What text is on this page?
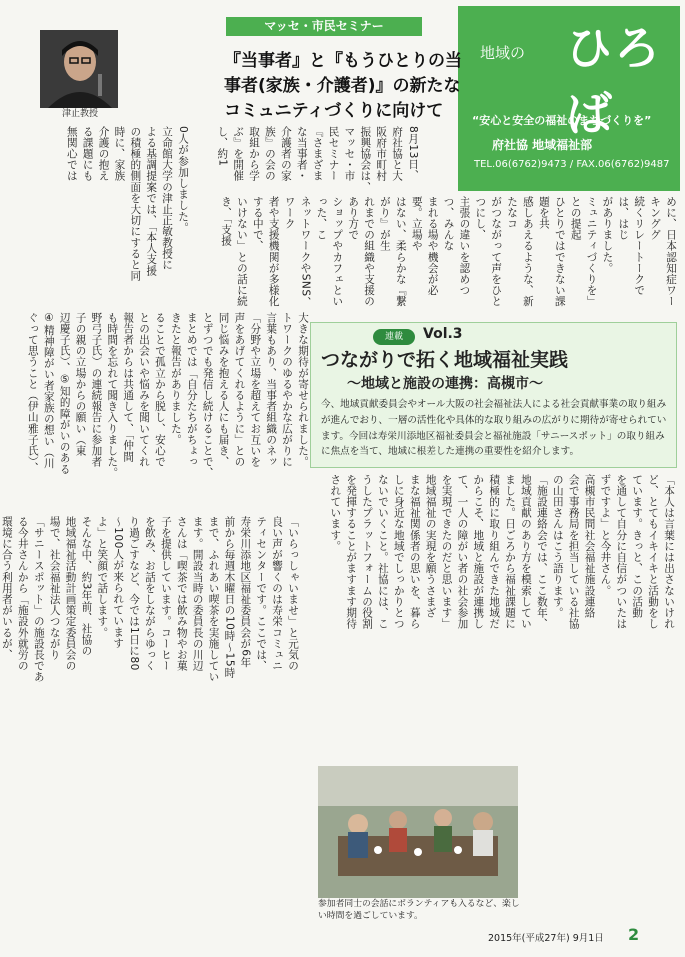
地域の ひろば
“安心と安全の福祉のまちづくりを”
府社協 地域福祉部
TEL.06(6762)9473 / FAX.06(6762)9487
マッセ・市民セミナー
『当事者』と『もうひとりの当
事者(家族・介護者)』の新たな
コミュニティづくりに向けて
津止教授
8月13日、
府社協と大
阪府市町村
振興協会は、
マッセ・市
民セミナー
『さまざま
な当事者・
介護者の家
族』の会の
取組から学
ぶ』を開催
し、約1
0人が参加しました。
立命館大学の津止正敏教授に
よる基調提案では、「本人支援
の積極的側面を大切にすると同
時に、家族
介護の抱え
る課題にも
無関心では
大きな期待が寄せられました。
トワークのゆるやかな広がりに
言葉もあり、当事者組織のネッ
「分野や立場を超えてお互いを
声をあげてくれるように」との
同じ悩みを抱える人にも届き、
とずつでも発信し続けることで、
まとめでは「自分たちがちょっ
きたと報告がありました。
ることで孤立から脱し、安心で
との出会いや悩みを聞いてくれ
報告者からは共通して、「仲間
も時間を忘れて聞き入りました。
野弓子氏）の連続報告に参加者
子の親の立場からの願い（東
辺慶子氏）、⑤知的障がいのある
④精神障がい者家族の想い（川
ぐって思うこと（伊山雅子氏）、
めに、日本認知症ワーキンググ
続くリレートークでは、はじ
がありました。
ミュニティづくりを」との提起
ひとりではできない課題を共
感しあえるような、新たなコ
がつながって声をひとつにし、
主張の違いを認めつつ、みんな
まれる場や機会が必要。立場や
はない、柔らかな『繋がり』が生
れまでの組織や支援のあり方で
ショップやカフェといった、こ
ネットワークやSNS、ワーク
者や支援機関が多様化する中で、
いけない」との話に続き、「支援
連載	Vol.3
つながりで拓く地域福祉実践
～地域と施設の連携：高槻市～
今、地域貢献委員会やオール大阪の社会福祉法人による社会貢献事業の取り組みが進んでおり、一層の活性化や具体的な取り組みの広がりに期待が寄せられています。今回は寿栄川添地区福祉委員会と福祉施設「サニースポット」の取り組みに焦点を当て、地域に根差した連携の重要性を紹介します。
「本人は言葉には出さないけれ
ど、とてもイキイキと活動をし
ています。きっと、この活動
を通して自分に自信がついたは
ずですよ」と今井さん。
高槻市民間社会福祉施設連絡
会で事務局を担当している社協
の山田さんはこう語ります。
「施設連絡会では、ここ数年、
地域貢献のあり方を模索してい
ました。日ごろから福祉課題に
積極的に取り組んできた地域だ
からこそ、地域と施設が連携し
て、一人の障がい者の社会参加
を実現できたのだと思います」
地域福祉の実現を願うさまざ
まな福祉関係者の思いを、暮ら
しに身近な地域でしっかりとつ
ないでいくこと。社協には、こ
うしたプラットフォームの役割
を発揮することがますます期待
されています。
「いらっしゃいませ」と元気の
良い声が響くのは寿栄コミュニ
ティセンターです。ここでは、
寿栄川添地区福祉委員会が6年
前から毎週木曜日の10時～15時
まで、ふれあい喫茶を実施してい
ます。開設当時の委員長の川辺
さんは「喫茶では飲み物やお菓
子を提供しています。コーヒー
を飲み、お話をしながらゆっく
り過ごすなど、今では1日に80
～100人が来られています
よ」と笑顔で話します。
そんな中、約3年前、社協の
地域福祉活動計画策定委員会の
場で、社会福祉法人つながり
「サニースポット」の施設長であ
る今井さんから「施設外就労の
環境に合う利用者がいるが、

参加者同士の会話にボランティアも入るなど、楽しい時間を過ごしています。
2015年(平成27年) 9月1日 2
